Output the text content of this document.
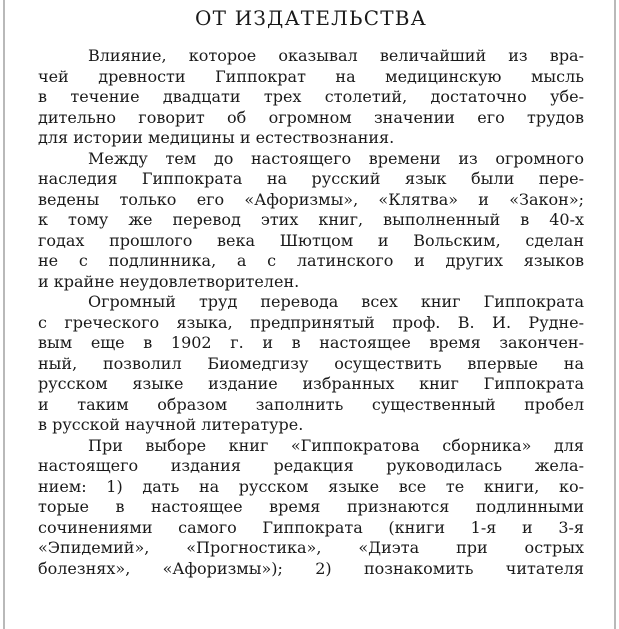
ОТ ИЗДАТЕЛЬСТВА
Влияние, которое оказывал величайший из вра-
чей древности Гиппократ на медицинскую мысль
в течение двадцати трех столетий, достаточно убе-
дительно говорит об огромном значении его трудов
для истории медицины и естествознания.
Между тем до настоящего времени из огромного
наследия Гиппократа на русский язык были пере-
ведены только его «Афоризмы», «Клятва» и «Закон»;
к тому же перевод этих книг, выполненный в 40-х
годах прошлого века Шютцом и Вольским, сделан
не с подлинника, а с латинского и других языков
и крайне неудовлетворителен.
Огромный труд перевода всех книг Гиппократа
с греческого языка, предпринятый проф. В. И. Рудне-
вым еще в 1902 г. и в настоящее время закончен-
ный, позволил Биомедгизу осуществить впервые на
русском языке издание избранных книг Гиппократа
и таким образом заполнить существенный пробел
в русской научной литературе.
При выборе книг «Гиппократова сборника» для
настоящего издания редакция руководилась жела-
нием: 1) дать на русском языке все те книги, ко-
торые в настоящее время признаются подлинными
сочинениями самого Гиппократа (книги 1-я и 3-я
«Эпидемий», «Прогностика», «Диэта при острых
болезнях», «Афоризмы»); 2) познакомить читателя
